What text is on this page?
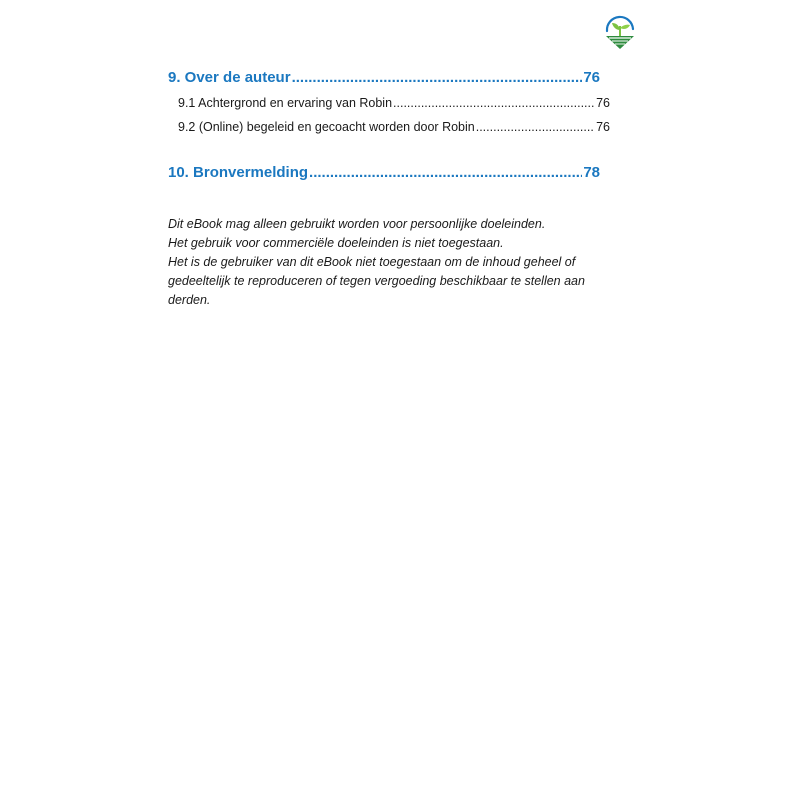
9. Over de auteur .....	76
9.1 Achtergrond en ervaring van Robin .....	76
9.2 (Online) begeleid en gecoacht worden door Robin .....	76
10. Bronvermelding .....	78

Dit eBook mag alleen gebruikt worden voor persoonlijke doeleinden.

Het gebruik voor commerciële doeleinden is niet toegestaan.

Het is de gebruiker van dit eBook niet toegestaan om de inhoud geheel of gedeeltelijk te reproduceren of tegen vergoeding beschikbaar te stellen aan derden.
